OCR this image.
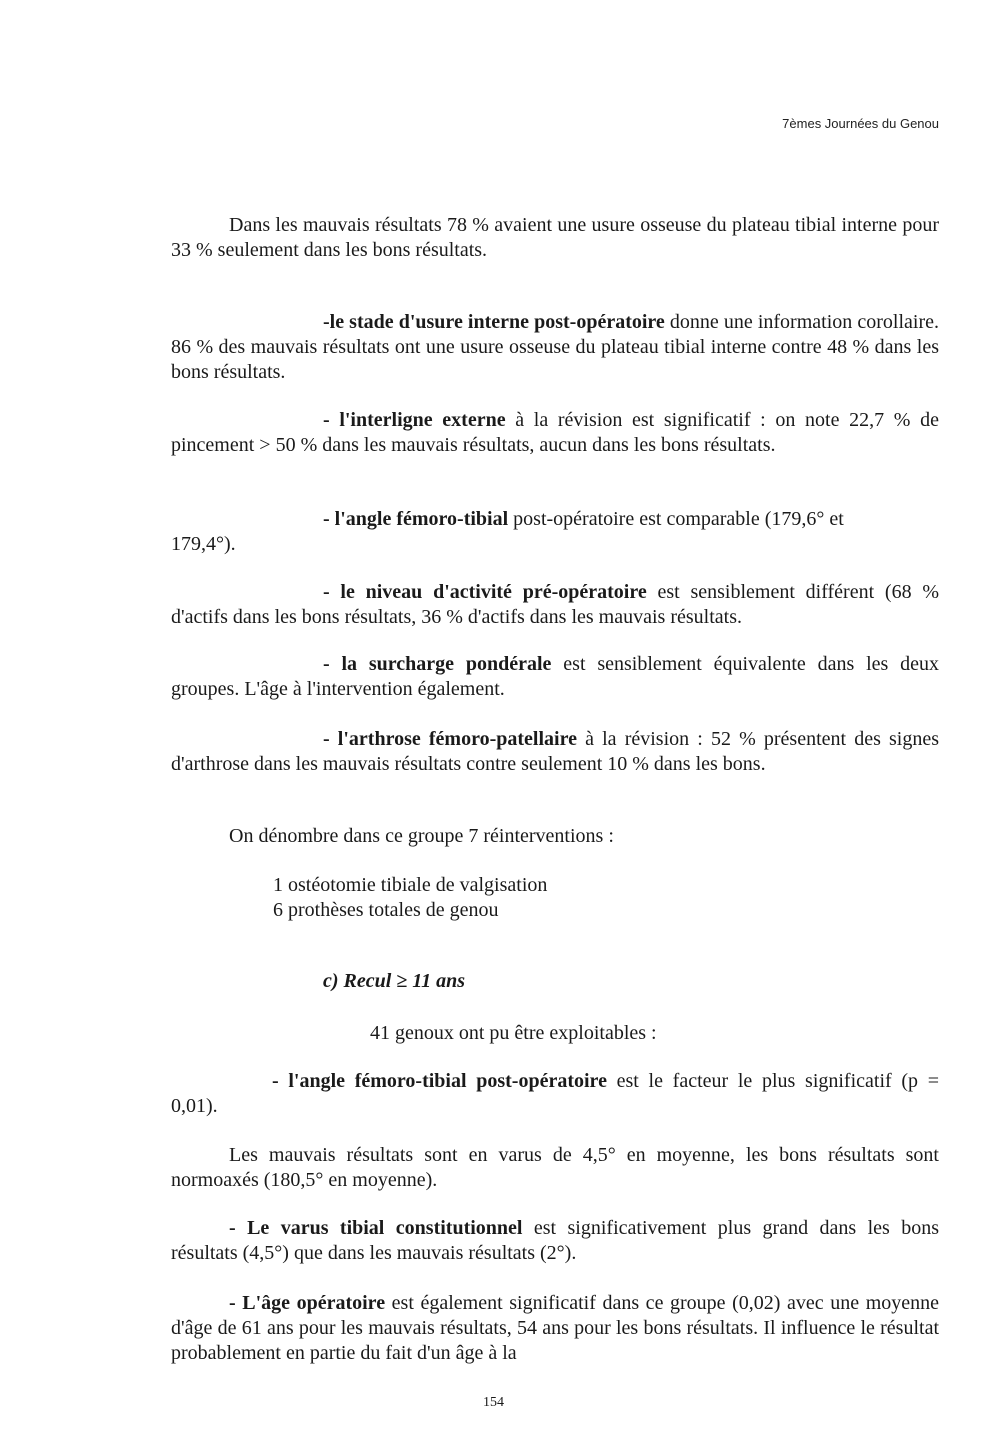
7èmes Journées du Genou

Dans les mauvais résultats 78 % avaient une usure osseuse du plateau tibial interne pour 33 % seulement dans les bons résultats.

-le stade d'usure interne post-opératoire donne une information corollaire. 86 % des mauvais résultats ont une usure osseuse du plateau tibial interne contre 48 % dans les bons résultats.

- l'interligne externe à la révision est significatif : on note 22,7 % de pincement > 50 % dans les mauvais résultats, aucun dans les bons résultats.

- l'angle fémoro-tibial post-opératoire est comparable (179,6° et

179,4°).

- le niveau d'activité pré-opératoire est sensiblement différent (68 % d'actifs dans les bons résultats, 36 % d'actifs dans les mauvais résultats.

- la surcharge pondérale est sensiblement équivalente dans les deux groupes. L'âge à l'intervention également.

- l'arthrose fémoro-patellaire à la révision : 52 % présentent des signes d'arthrose dans les mauvais résultats contre seulement 10 % dans les bons.

On dénombre dans ce groupe 7 réinterventions :

1 ostéotomie tibiale de valgisation

6 prothèses totales de genou

c) Recul ≥ 11 ans

41 genoux ont pu être exploitables :

- l'angle fémoro-tibial post-opératoire est le facteur le plus significatif (p = 0,01).

Les mauvais résultats sont en varus de 4,5° en moyenne, les bons résultats sont normoaxés (180,5° en moyenne).

- Le varus tibial constitutionnel est significativement plus grand dans les bons résultats (4,5°) que dans les mauvais résultats (2°).

- L'âge opératoire est également significatif dans ce groupe (0,02) avec une moyenne d'âge de 61 ans pour les mauvais résultats, 54 ans pour les bons résultats. Il influence le résultat probablement en partie du fait d'un âge à la

154
